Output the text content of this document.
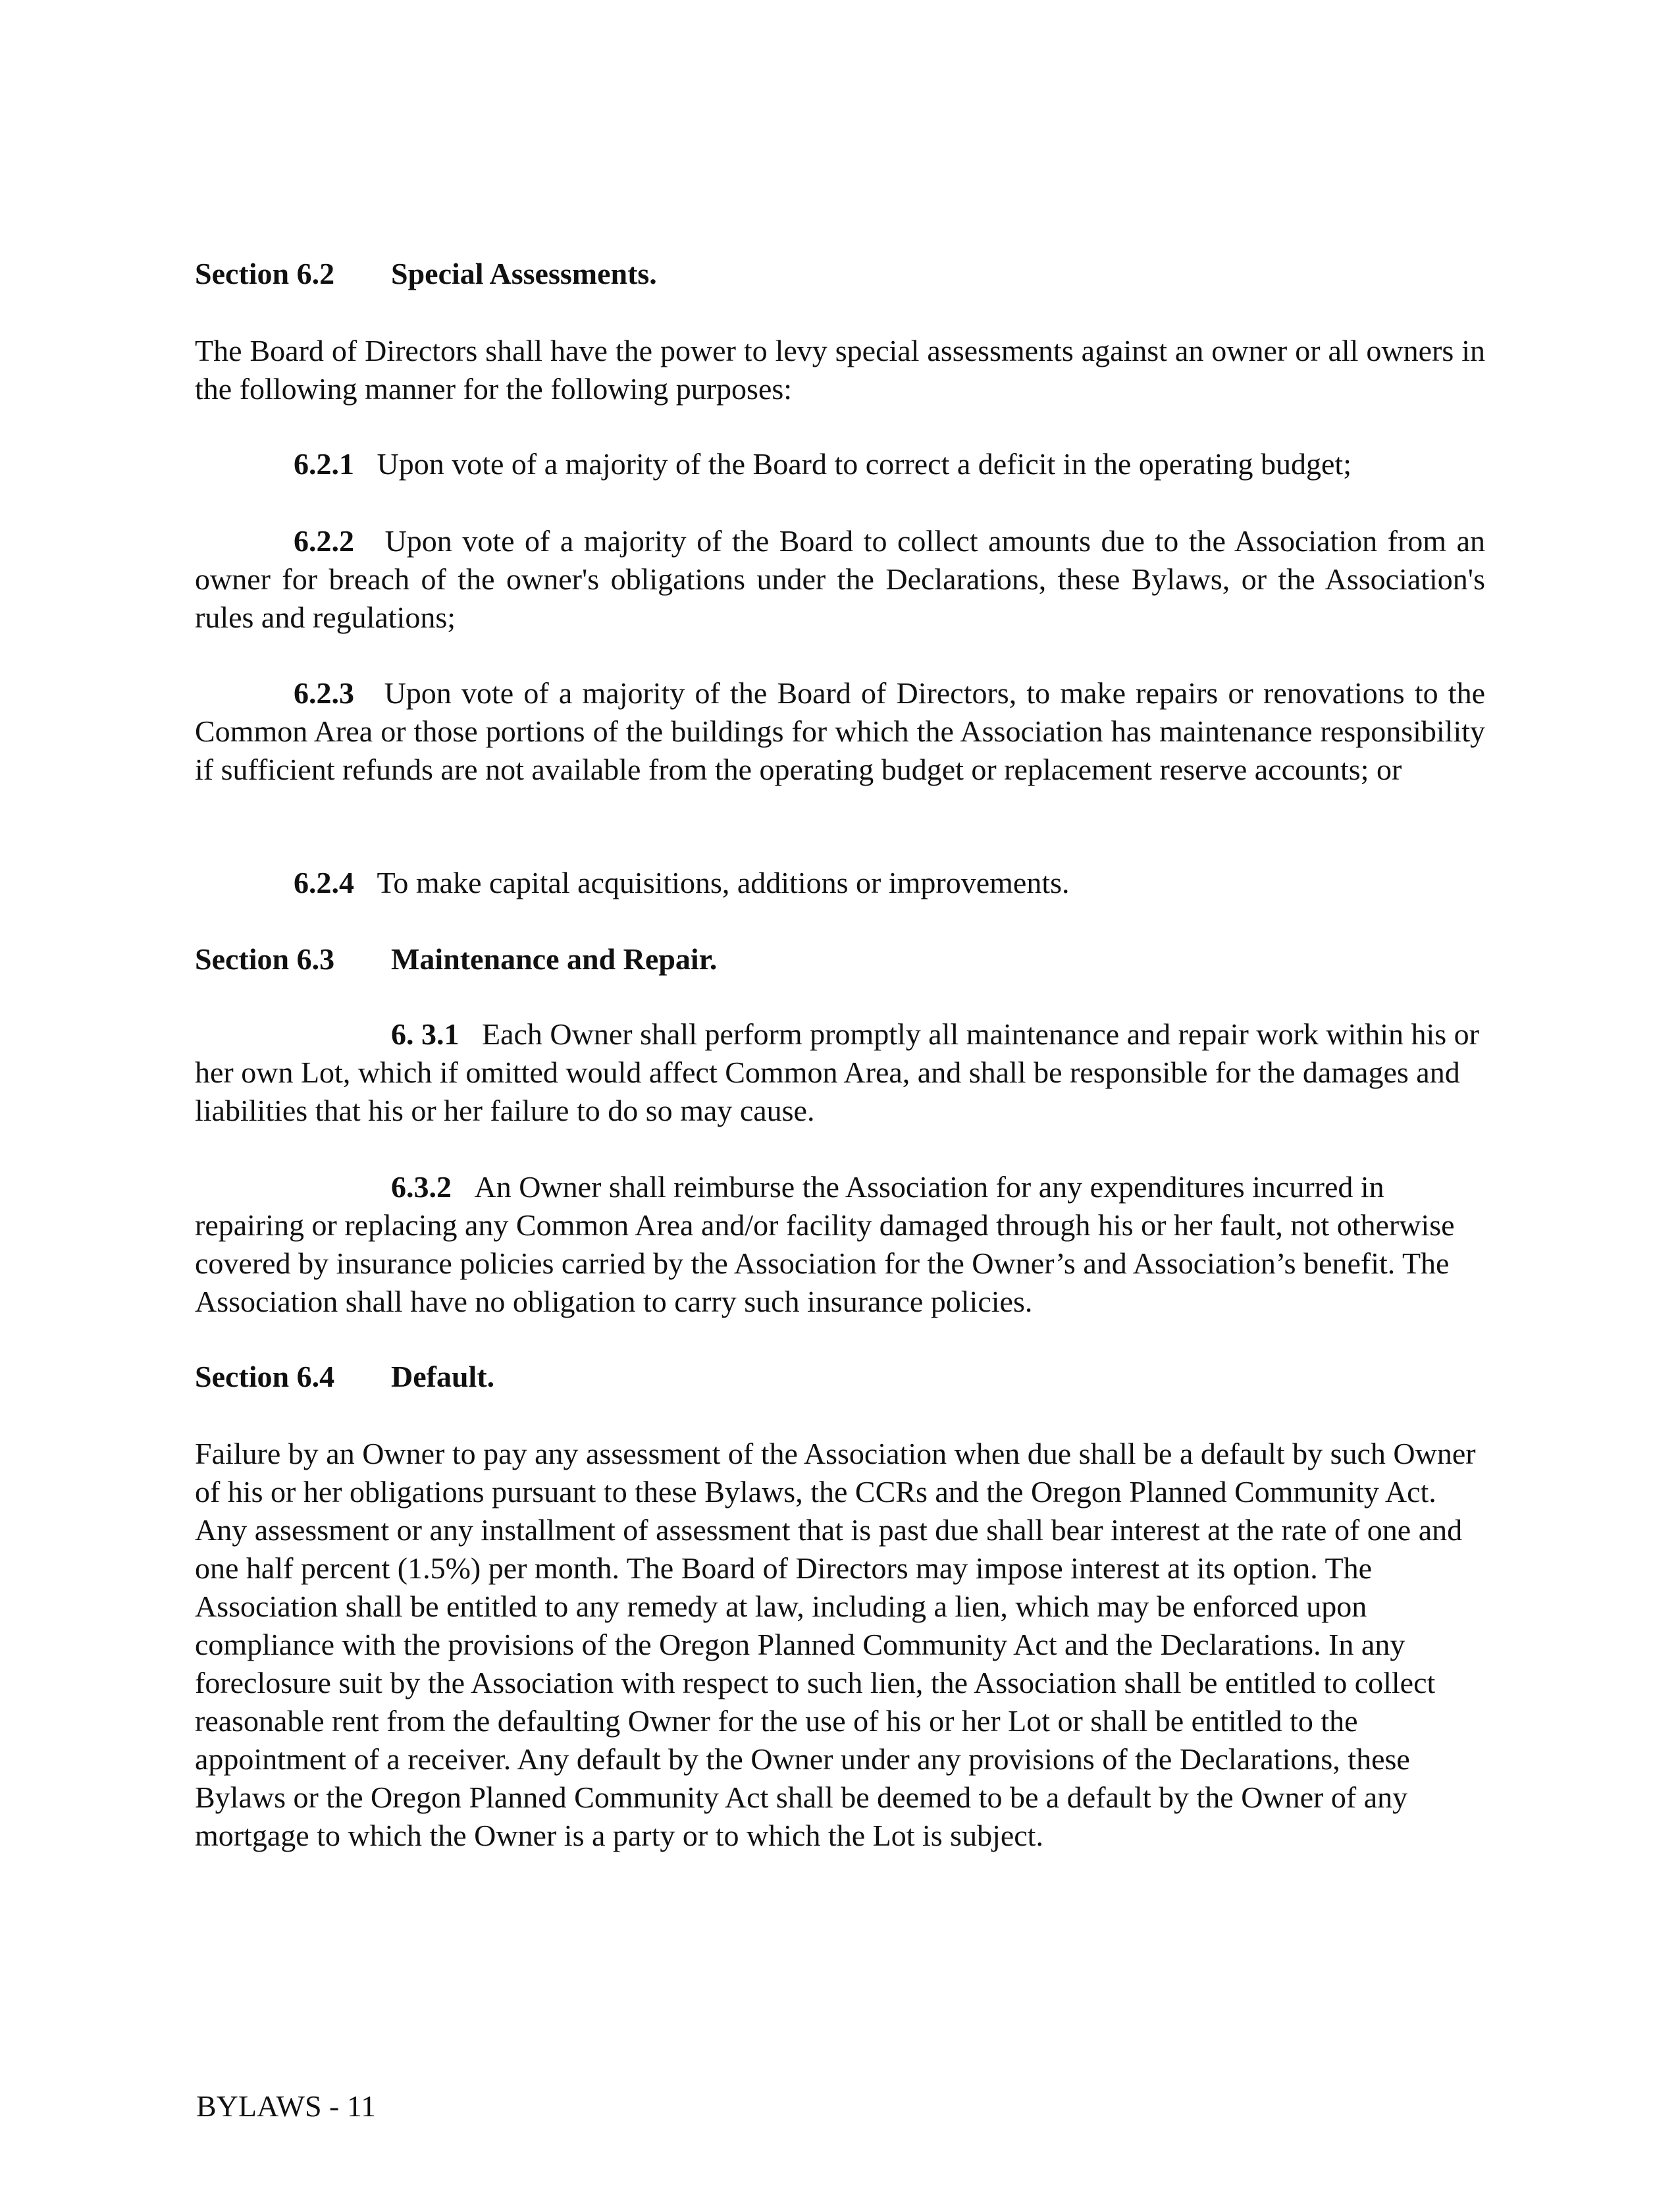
Section 6.2 Special Assessments.
The Board of Directors shall have the power to levy special assessments against an owner or all owners in the following manner for the following purposes:
6.2.1 Upon vote of a majority of the Board to correct a deficit in the operating budget;
6.2.2 Upon vote of a majority of the Board to collect amounts due to the Association from an owner for breach of the owner's obligations under the Declarations, these Bylaws, or the Association's rules and regulations;
6.2.3 Upon vote of a majority of the Board of Directors, to make repairs or renovations to the Common Area or those portions of the buildings for which the Association has maintenance responsibility if sufficient refunds are not available from the operating budget or replacement reserve accounts; or
6.2.4 To make capital acquisitions, additions or improvements.
Section 6.3 Maintenance and Repair.
6. 3.1 Each Owner shall perform promptly all maintenance and repair work within his or her own Lot, which if omitted would affect Common Area, and shall be responsible for the damages and liabilities that his or her failure to do so may cause.
6.3.2 An Owner shall reimburse the Association for any expenditures incurred in repairing or replacing any Common Area and/or facility damaged through his or her fault, not otherwise covered by insurance policies carried by the Association for the Owner’s and Association’s benefit. The Association shall have no obligation to carry such insurance policies.
Section 6.4 Default.
Failure by an Owner to pay any assessment of the Association when due shall be a default by such Owner of his or her obligations pursuant to these Bylaws, the CCRs and the Oregon Planned Community Act. Any assessment or any installment of assessment that is past due shall bear interest at the rate of one and one half percent (1.5%) per month. The Board of Directors may impose interest at its option. The Association shall be entitled to any remedy at law, including a lien, which may be enforced upon compliance with the provisions of the Oregon Planned Community Act and the Declarations. In any foreclosure suit by the Association with respect to such lien, the Association shall be entitled to collect reasonable rent from the defaulting Owner for the use of his or her Lot or shall be entitled to the appointment of a receiver. Any default by the Owner under any provisions of the Declarations, these Bylaws or the Oregon Planned Community Act shall be deemed to be a default by the Owner of any mortgage to which the Owner is a party or to which the Lot is subject.
BYLAWS - 11
